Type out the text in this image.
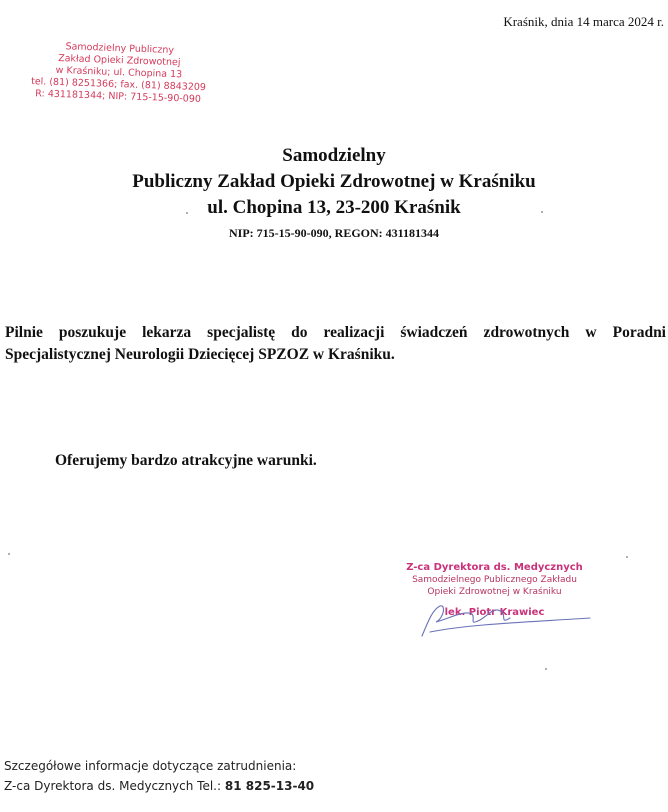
Kraśnik, dnia 14 marca 2024 r.
Samodzielny Publiczny
Zakład Opieki Zdrowotnej
w Kraśniku; ul. Chopina 13
tel. (81) 8251366; fax. (81) 8843209
R: 431181344; NIP: 715-15-90-090
Samodzielny
Publiczny Zakład Opieki Zdrowotnej w Kraśniku
ul. Chopina 13, 23-200 Kraśnik
NIP: 715-15-90-090, REGON: 431181344
Pilnie poszukuje lekarza specjalistę do realizacji świadczeń zdrowotnych w Poradni Specjalistycznej Neurologii Dziecięcej SPZOZ w Kraśniku.
Oferujemy bardzo atrakcyjne warunki.
Z-ca Dyrektora ds. Medycznych
Samodzielnego Publicznego Zakładu
Opieki Zdrowotnej w Kraśniku
lek. Piotr Krawiec
Szczegółowe informacje dotyczące zatrudnienia:
Z-ca Dyrektora ds. Medycznych Tel.: 81 825-13-40
